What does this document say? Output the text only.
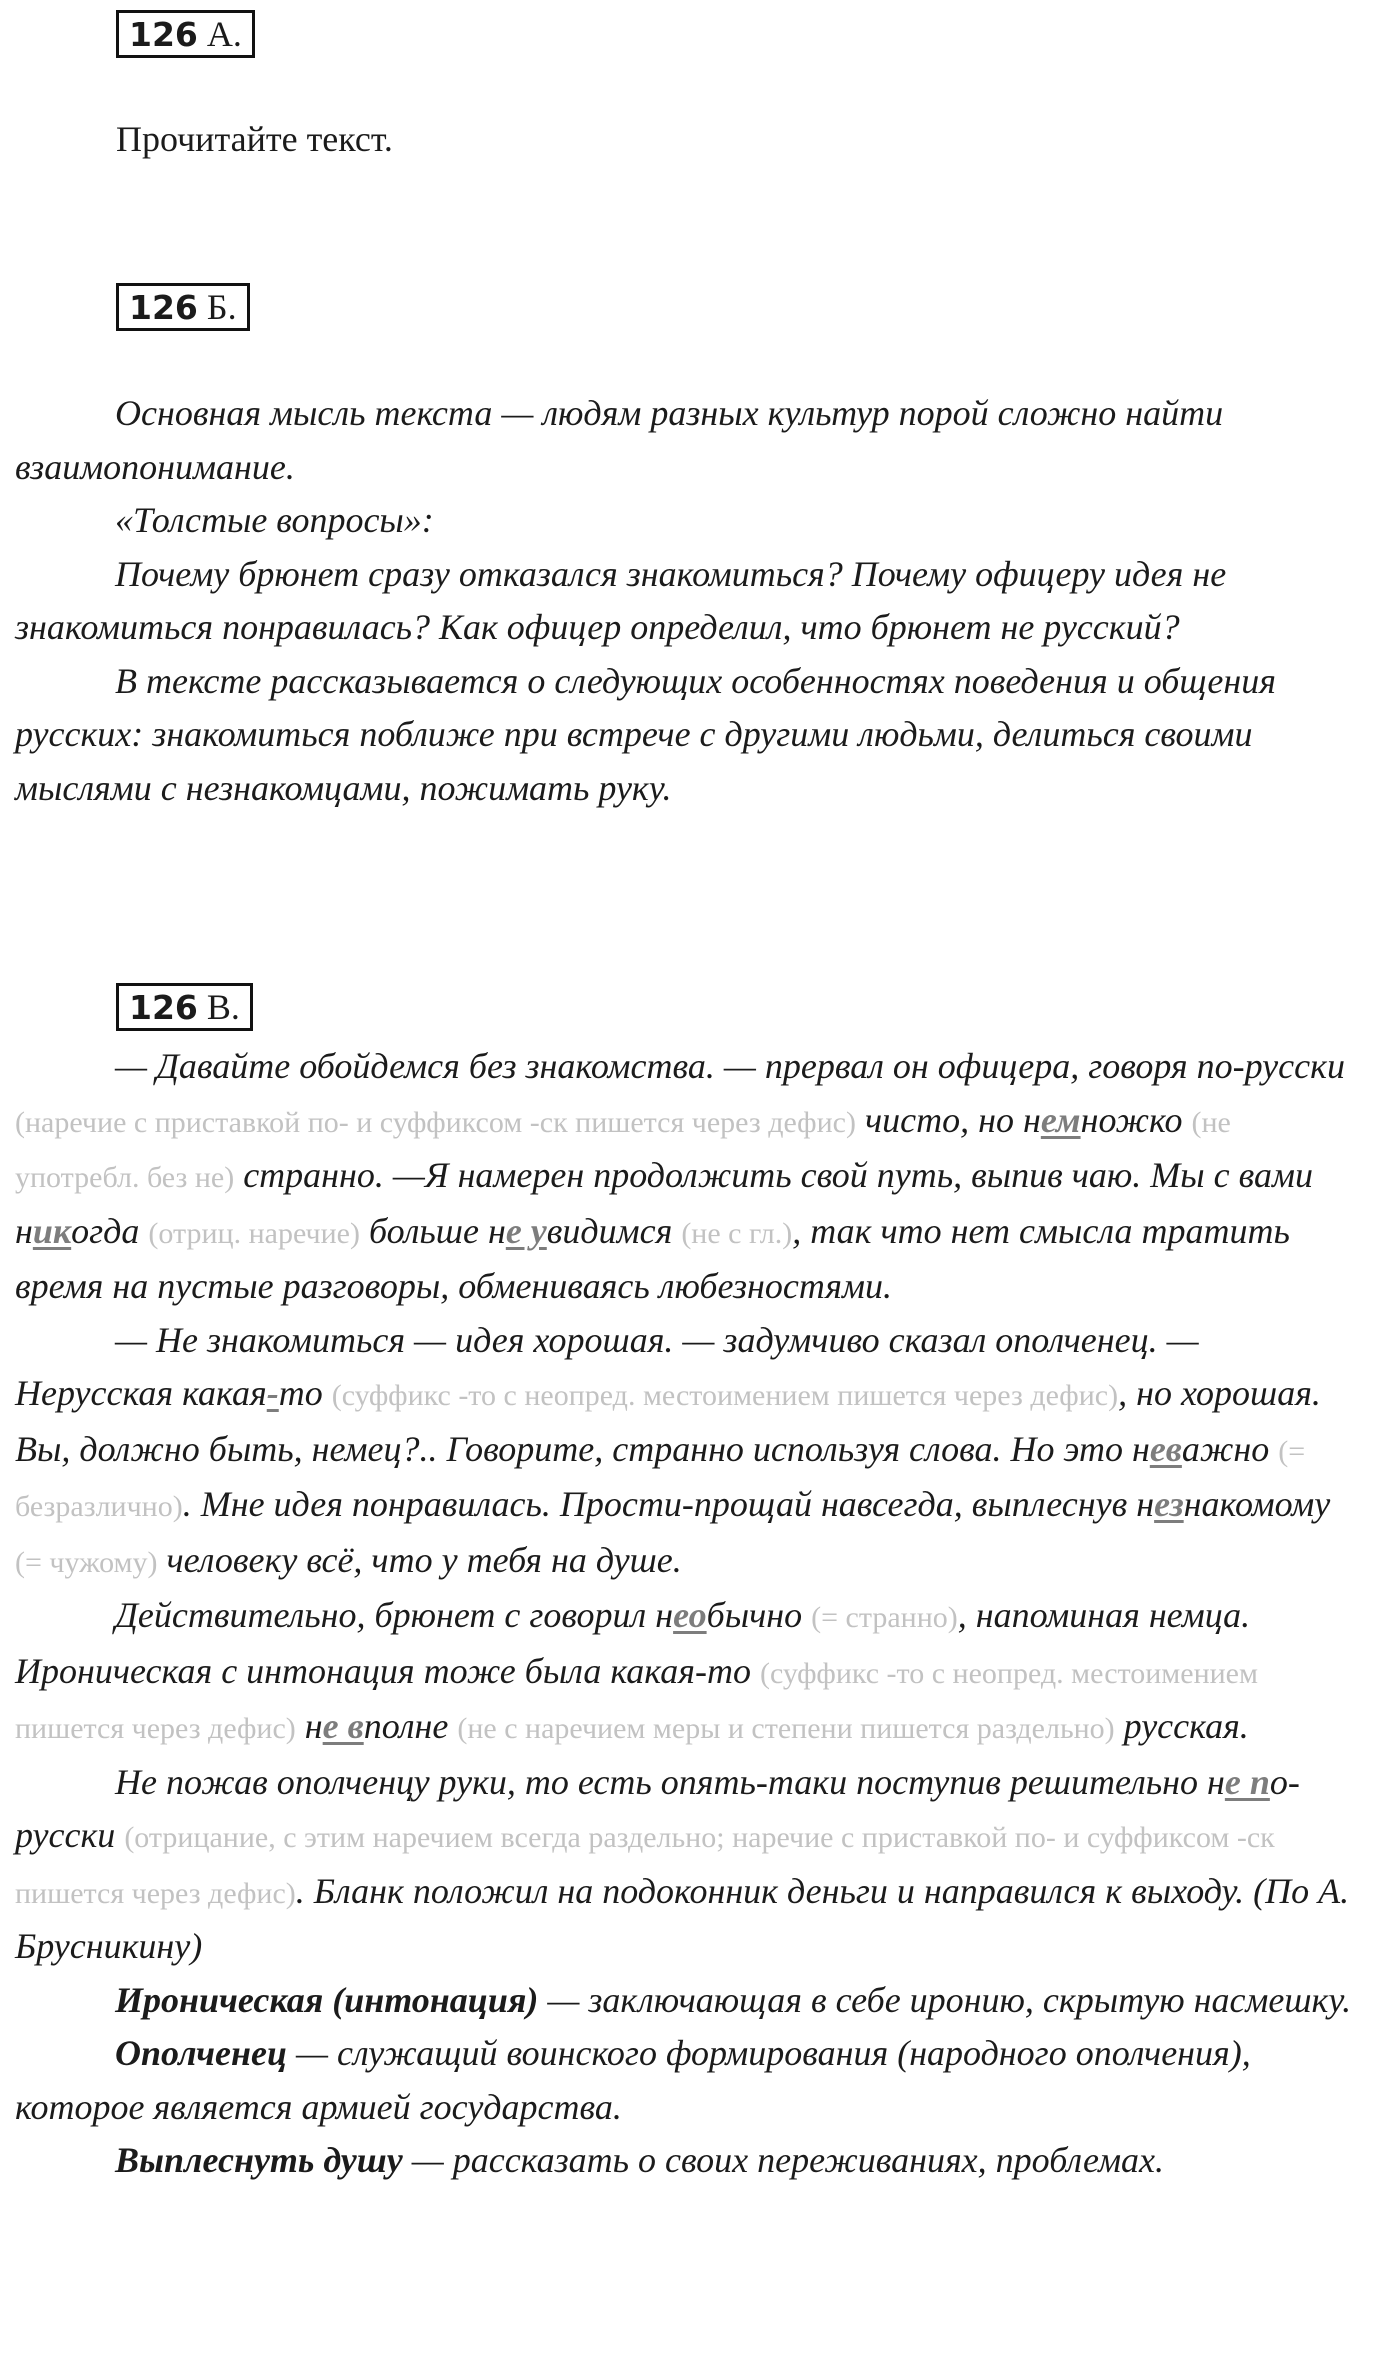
126 А.
Прочитайте текст.
126 Б.

Основная мысль текста — людям разных культур порой сложно найти взаимопонимание.

«Толстые вопросы»:

Почему брюнет сразу отказался знакомиться? Почему офицеру идея не знакомиться понравилась? Как офицер определил, что брюнет не русский?

В тексте рассказывается о следующих особенностях поведения и общения русских: знакомиться поближе при встрече с другими людьми, делиться своими мыслями с незнакомцами, пожимать руку.

126 В.

— Давайте обойдемся без знакомства. — прервал он офицера, говоря по-русски (наречие с приставкой по- и суффиксом -ск пишется через дефис) чисто, но немножко (не употребл. без не) странно. —Я намерен продолжить свой путь, выпив чаю. Мы с вами никогда (отриц. наречие) больше не увидимся (не с гл.), так что нет смысла тратить время на пустые разговоры, обмениваясь любезностями.

— Не знакомиться — идея хорошая. — задумчиво сказал ополченец. — Нерусская какая-то (суффикс -то с неопред. местоимением пишется через дефис), но хорошая. Вы, должно быть, немец?.. Говорите, странно используя слова. Но это неважно (= безразлично). Мне идея понравилась. Прости-прощай навсегда, выплеснув незнакомому (= чужому) человеку всё, что у тебя на душе.

Действительно, брюнет с говорил необычно (= странно), напоминая немца. Ироническая с интонация тоже была какая-то (суффикс -то с неопред. местоимением пишется через дефис) не вполне (не с наречием меры и степени пишется раздельно) русская.

Не пожав ополченцу руки, то есть опять-таки поступив решительно не по-русски (отрицание, с этим наречием всегда раздельно; наречие с приставкой по- и суффиксом -ск пишется через дефис). Бланк положил на подоконник деньги и направился к выходу. (По А. Брусникину)

Ироническая (интонация) — заключающая в себе иронию, скрытую насмешку.

Ополченец — служащий воинского формирования (народного ополчения), которое является армией государства.

Выплеснуть душу — рассказать о своих переживаниях, проблемах.
